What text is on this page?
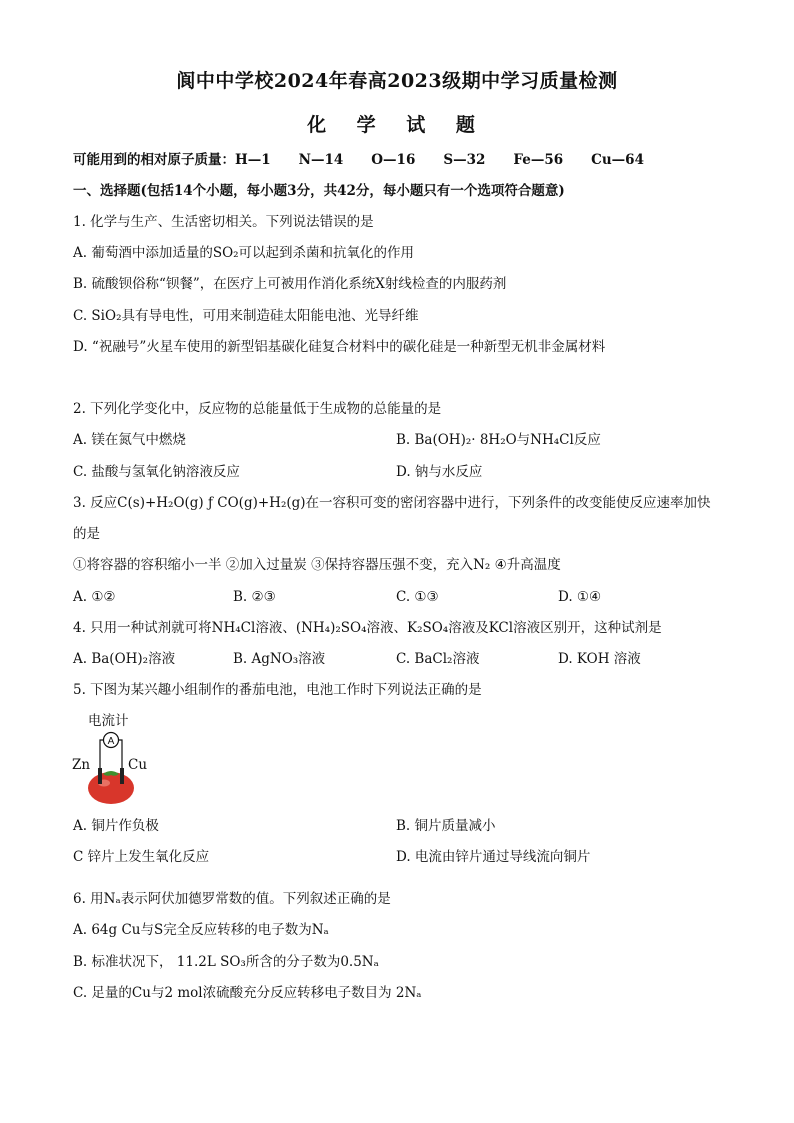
阆中中学校2024年春高2023级期中学习质量检测
化 学 试 题
可能用到的相对原子质量：H—1 N—14 O—16 S—32 Fe—56 Cu—64
一、选择题(包括14个小题，每小题3分，共42分，每小题只有一个选项符合题意)
1. 化学与生产、生活密切相关。下列说法错误的是
A. 葡萄酒中添加适量的SO₂可以起到杀菌和抗氧化的作用
B. 硫酸钡俗称“钡餐”，在医疗上可被用作消化系统X射线检查的内服药剂
C. SiO₂具有导电性，可用来制造硅太阳能电池、光导纤维
D. “祝融号”火星车使用的新型铝基碳化硅复合材料中的碳化硅是一种新型无机非金属材料
2. 下列化学变化中，反应物的总能量低于生成物的总能量的是
A. 镁在氮气中燃烧	B. Ba(OH)₂· 8H₂O与NH₄Cl反应
C. 盐酸与氢氧化钠溶液反应	D. 钠与水反应
3. 反应C(s)+H₂O(g) ƒ CO(g)+H₂(g)在一容积可变的密闭容器中进行，下列条件的改变能使反应速率加快
的是
①将容器的容积缩小一半 ②加入过量炭 ③保持容器压强不变，充入N₂ ④升高温度
A. ①②	B. ②③	C. ①③	D. ①④
4. 只用一种试剂就可将NH₄Cl溶液、(NH₄)₂SO₄溶液、K₂SO₄溶液及KCl溶液区别开，这种试剂是
A. Ba(OH)₂溶液	B. AgNO₃溶液	C. BaCl₂溶液	D. KOH 溶液
5. 下图为某兴趣小组制作的番茄电池，电池工作时下列说法正确的是
电流计
Zn	Cu
A
A. 铜片作负极	B. 铜片质量减小
C 锌片上发生氧化反应	D. 电流由锌片通过导线流向铜片
6. 用Nₐ表示阿伏加德罗常数的值。下列叙述正确的是
A. 64g Cu与S完全反应转移的电子数为Nₐ
B. 标准状况下， 11.2L SO₃所含的分子数为0.5Nₐ
C. 足量的Cu与2 mol浓硫酸充分反应转移电子数目为 2Nₐ
